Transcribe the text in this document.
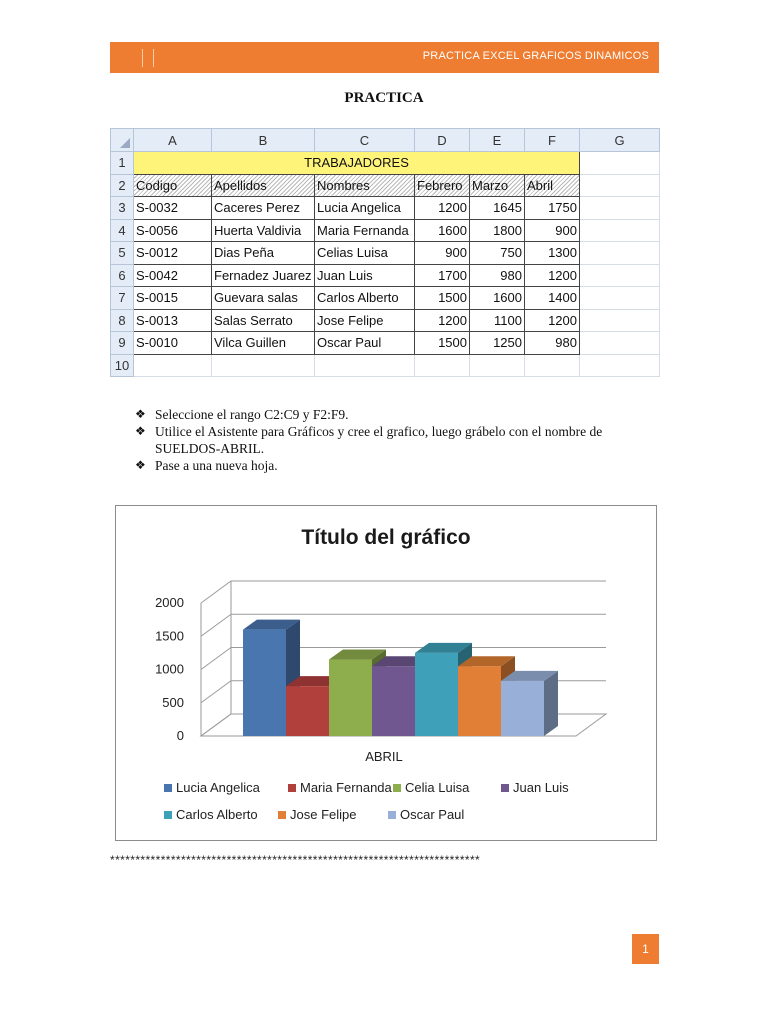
PRACTICA EXCEL GRAFICOS DINAMICOS
PRACTICA
	A	B	C	D	E	F	G
1	TRABAJADORES						
2	Codigo	Apellidos	Nombres	Febrero	Marzo	Abril	
3	S-0032	Caceres Perez	Lucia Angelica	1200	1645	1750	
4	S-0056	Huerta Valdivia	Maria Fernanda	1600	1800	900	
5	S-0012	Dias Peña	Celias Luisa	900	750	1300	
6	S-0042	Fernadez Juarez	Juan Luis	1700	980	1200	
7	S-0015	Guevara salas	Carlos Alberto	1500	1600	1400	
8	S-0013	Salas Serrato	Jose Felipe	1200	1100	1200	
9	S-0010	Vilca Guillen	Oscar Paul	1500	1250	980	
10							
❖ Seleccione el rango C2:C9 y F2:F9.
❖ Utilice el Asistente para Gráficos y cree el grafico, luego grábelo con el nombre de SUELDOS-ABRIL.
❖ Pase a una nueva hoja.
Título del gráfico
0
500
1000
1500
2000
ABRIL
Lucia Angelica	Maria Fernanda Celia Luisa	Juan Luis
Carlos Alberto Jose Felipe	Oscar Paul
*************************************************************************
1
